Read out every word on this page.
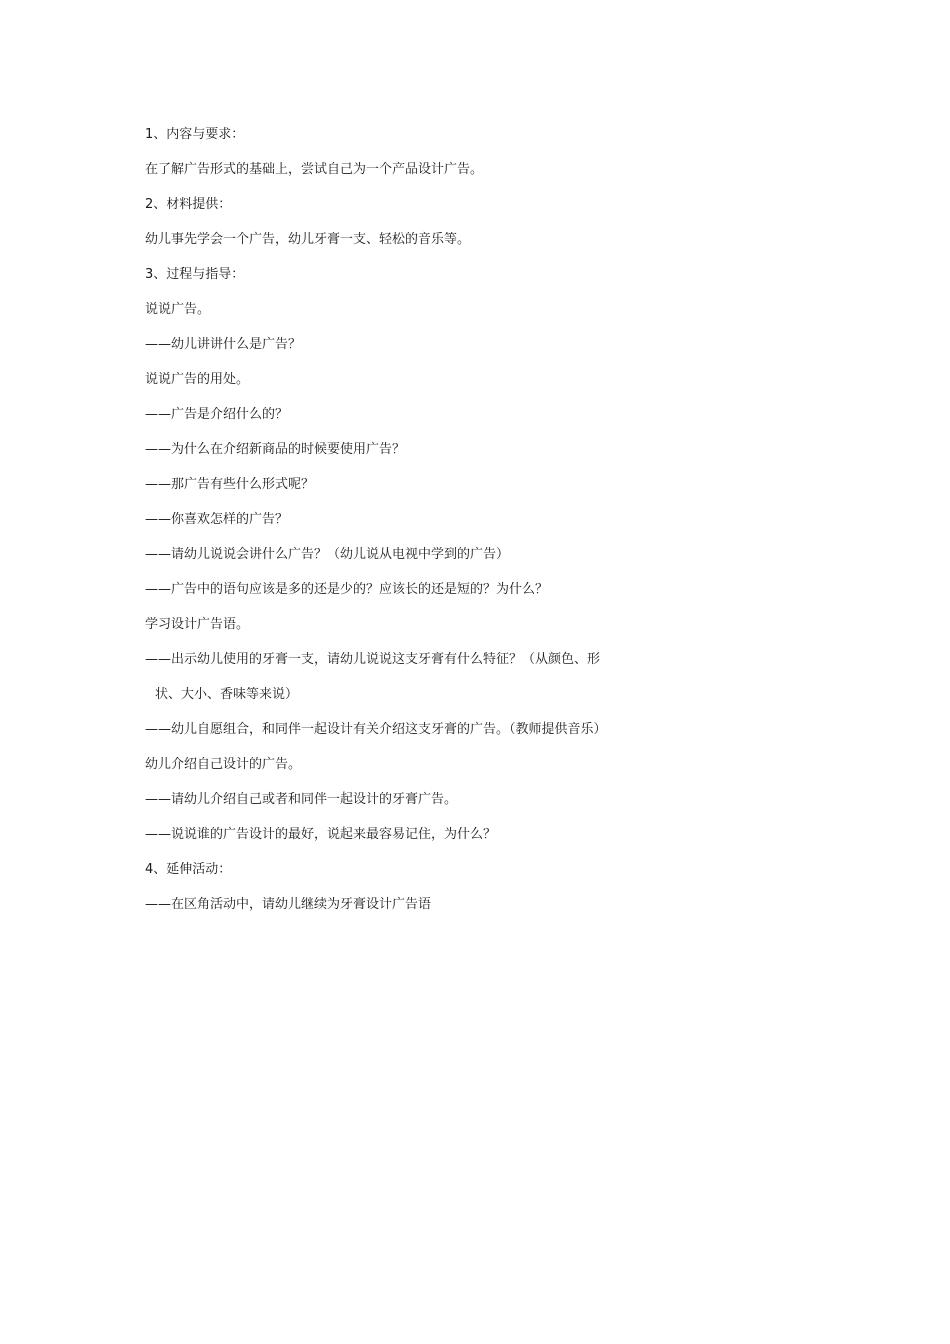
1、内容与要求：
在了解广告形式的基础上，尝试自己为一个产品设计广告。
2、材料提供：
幼儿事先学会一个广告，幼儿牙膏一支、轻松的音乐等。
3、过程与指导：
说说广告。
——幼儿讲讲什么是广告？
说说广告的用处。
——广告是介绍什么的？
——为什么在介绍新商品的时候要使用广告？
——那广告有些什么形式呢？
——你喜欢怎样的广告？
——请幼儿说说会讲什么广告？（幼儿说从电视中学到的广告）
——广告中的语句应该是多的还是少的？应该长的还是短的？为什么？
学习设计广告语。
——出示幼儿使用的牙膏一支，请幼儿说说这支牙膏有什么特征？（从颜色、形
状、大小、香味等来说）
——幼儿自愿组合，和同伴一起设计有关介绍这支牙膏的广告。（教师提供音乐）
幼儿介绍自己设计的广告。
——请幼儿介绍自己或者和同伴一起设计的牙膏广告。
——说说谁的广告设计的最好，说起来最容易记住，为什么？
4、延伸活动：
——在区角活动中，请幼儿继续为牙膏设计广告语
